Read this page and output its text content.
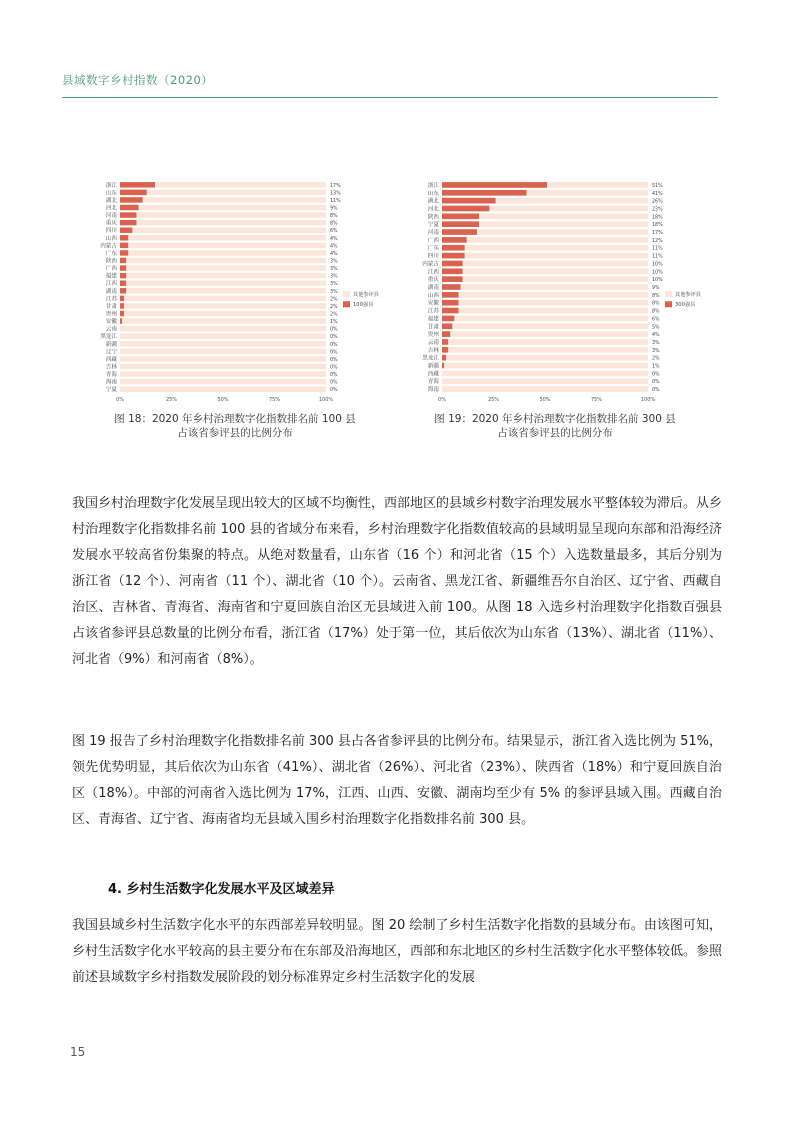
县域数字乡村指数（2020）
浙江	17%
山东	13%
湖北	11%
河北	9%
河南	8%
重庆	8%
四川	6%
山西	4%
内蒙古	4%
广东	4%
陕西	3%
广西	3%
福建	3%
江西	3%
湖南	3%
江苏	2%
甘肃	2%
贵州	2%
安徽	1%
云南	0%
黑龙江	0%
新疆	0%
辽宁	0%
西藏	0%
吉林	0%
青海	0%
海南	0%
宁夏	0%
0%	25%	50%	75%	100%
其他参评县
100强县
浙江	51%
山东	41%
湖北	26%
河北	23%
陕西	18%
宁夏	18%
河南	17%
广西	12%
广东	11%
四川	11%
内蒙古	10%
江西	10%
重庆	10%
湖南	9%
山西	8%
安徽	8%
江苏	8%
福建	6%
甘肃	5%
贵州	4%
云南	3%
吉林	3%
黑龙江	2%
新疆	1%
西藏	0%
青海	0%
海南	0%
0%	25%	50%	75%	100%
其他参评县
300强县
图 18：2020 年乡村治理数字化指数排名前 100 县
占该省参评县的比例分布
图 19：2020 年乡村治理数字化指数排名前 300 县
占该省参评县的比例分布

我国乡村治理数字化发展呈现出较大的区域不均衡性，西部地区的县域乡村数字治理发展水平整体较为滞后。从乡村治理数字化指数排名前 100 县的省域分布来看，乡村治理数字化指数值较高的县域明显呈现向东部和沿海经济发展水平较高省份集聚的特点。从绝对数量看，山东省（16 个）和河北省（15 个）入选数量最多，其后分别为浙江省（12 个）、河南省（11 个）、湖北省（10 个）。云南省、黑龙江省、新疆维吾尔自治区、辽宁省、西藏自治区、吉林省、青海省、海南省和宁夏回族自治区无县域进入前 100。从图 18 入选乡村治理数字化指数百强县占该省参评县总数量的比例分布看，浙江省（17%）处于第一位，其后依次为山东省（13%）、湖北省（11%）、河北省（9%）和河南省（8%）。

图 19 报告了乡村治理数字化指数排名前 300 县占各省参评县的比例分布。结果显示，浙江省入选比例为 51%，领先优势明显，其后依次为山东省（41%）、湖北省（26%）、河北省（23%）、陕西省（18%）和宁夏回族自治区（18%）。中部的河南省入选比例为 17%，江西、山西、安徽、湖南均至少有 5% 的参评县域入围。西藏自治区、青海省、辽宁省、海南省均无县域入围乡村治理数字化指数排名前 300 县。

4. 乡村生活数字化发展水平及区域差异

我国县域乡村生活数字化水平的东西部差异较明显。图 20 绘制了乡村生活数字化指数的县域分布。由该图可知，乡村生活数字化水平较高的县主要分布在东部及沿海地区，西部和东北地区的乡村生活数字化水平整体较低。参照前述县域数字乡村指数发展阶段的划分标准界定乡村生活数字化的发展

15
